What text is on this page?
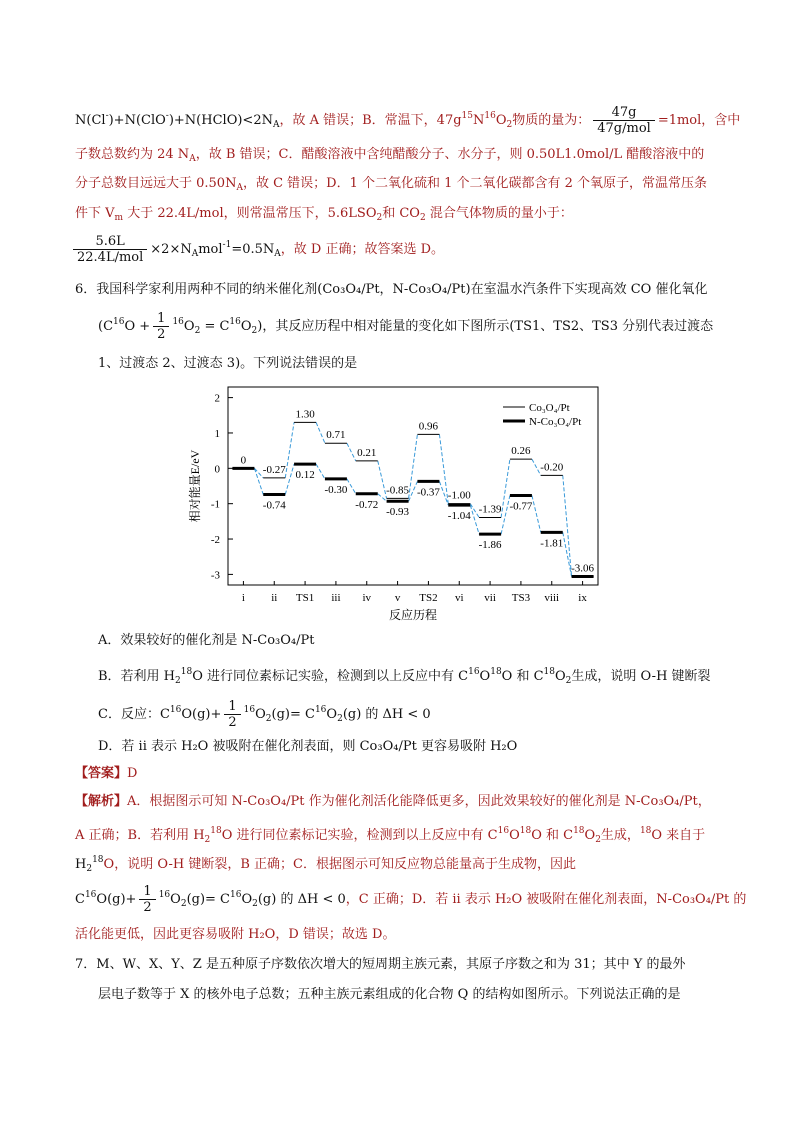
$N(Cl^-)+N(ClO^-)+N(HClO)<2N_A$，故 A 错误；B．常温下，$47g^{15}N^{16}O_2$物质的量为： $\frac{47g}{\text{47g/mol}} =1mol$，含中
子数总数约为 24 $N_A$，故 B 错误；C．醋酸溶液中含纯醋酸分子、水分子，则 0.50L1.0mol/L 醋酸溶液中的
分子总数目远远大于 $0.50N_A$，故 C 错误；D．1 个二氧化硫和 1 个二氧化碳都含有 2 个氧原子，常温常压条
件下 $V_m$ 大于 22.4L/mol，则常温常压下，$5.6LSO_2$和 $CO_2$ 混合气体物质的量小于：
$\frac{5.6L}{\text{22.4L/mol}} \times 2\times N_Amol^{-1}=0.5N_A$，故 D 正确；故答案选 D。
6．我国科学家利用两种不同的纳米催化剂(Co₃O₄/Pt，N-Co₃O₄/Pt)在室温水汽条件下实现高效 CO 催化氧化
$(C^{16}O + \frac{1}{2} ^{16}O_2 = C^{16}O_2)$，其反应历程中相对能量的变化如下图所示(TS1、TS2、TS3 分别代表过渡态
1、过渡态 2、过渡态 3)。下列说法错误的是
2
1
0
-1
-2
-3
i ii TS1 iii iv v TS2 vi vii TS3 viii ix
反应历程
相对能量E/eV	0
-0.27
1.30
0.71
0.21
-0.85
0.96
-1.00
-1.39
0.26
-0.20
-3.06
-0.74
0.12
-0.30
-0.72
-0.93
-0.37
-1.04
-1.86
-0.77
-1.81
Co₃O₄/Pt
N-Co₃O₄/Pt
A．效果较好的催化剂是 N-Co₃O₄/Pt
B．若利用 $H_2^{18}O$ 进行同位素标记实验，检测到以上反应中有 $C^{16}O^{18}O$ 和 $C^{18}O_2$生成，说明 O-H 键断裂
C．反应：$C^{16}O(g)+ \frac{1}{2} ^{16}O_2(g)= C^{16}O_2(g)$ 的 ΔH < 0
D．若 ii 表示 H₂O 被吸附在催化剂表面，则 Co₃O₄/Pt 更容易吸附 H₂O
【答案】D
【解析】A．根据图示可知 N-Co₃O₄/Pt 作为催化剂活化能降低更多，因此效果较好的催化剂是 N-Co₃O₄/Pt，
A 正确；B．若利用 $H_2^{18}O$ 进行同位素标记实验，检测到以上反应中有 $C^{16}O^{18}O$ 和 $C^{18}O_2$生成，$^{18}$O 来自于
$H_2^{18}O$，说明 O-H 键断裂，B 正确；C．根据图示可知反应物总能量高于生成物，因此
$C^{16}O(g)+ \frac{1}{2} ^{16}O_2(g)= C^{16}O_2(g)$ 的 ΔH < 0，C 正确；D．若 ii 表示 H₂O 被吸附在催化剂表面，N-Co₃O₄/Pt 的
活化能更低，因此更容易吸附 H₂O，D 错误；故选 D。
7．M、W、X、Y、Z 是五种原子序数依次增大的短周期主族元素，其原子序数之和为 31；其中 Y 的最外
层电子数等于 X 的核外电子总数；五种主族元素组成的化合物 Q 的结构如图所示。下列说法正确的是
